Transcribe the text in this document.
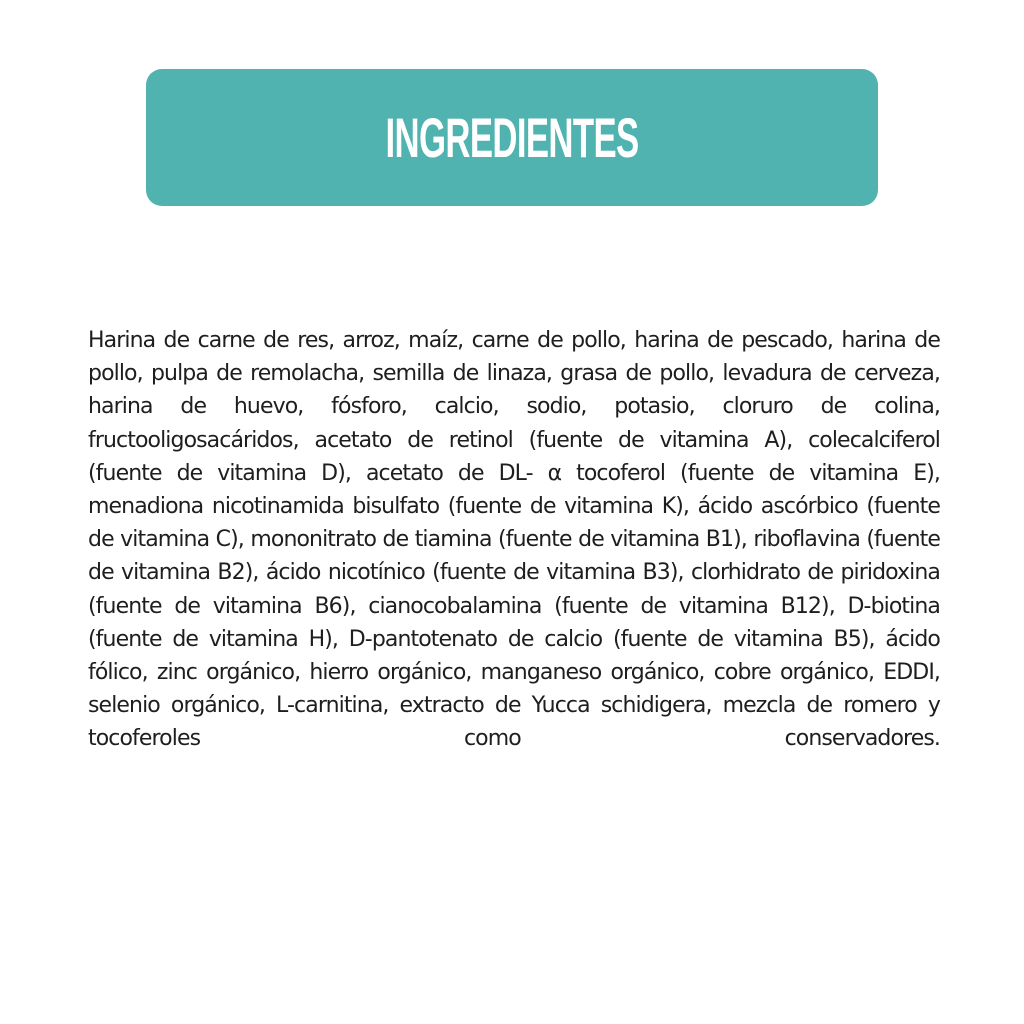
INGREDIENTES

Harina de carne de res, arroz, maíz, carne de pollo, harina de pescado, harina de pollo, pulpa de remolacha, semilla de linaza, grasa de pollo, levadura de cerveza, harina de huevo, fósforo, calcio, sodio, potasio, cloruro de colina, fructooligosacáridos, acetato de retinol (fuente de vitamina A), colecalciferol (fuente de vitamina D), acetato de DL- α tocoferol (fuente de vitamina E), menadiona nicotinamida bisulfato (fuente de vitamina K), ácido ascórbico (fuente de vitamina C), mononitrato de tiamina (fuente de vitamina B1), riboflavina (fuente de vitamina B2), ácido nicotínico (fuente de vitamina B3), clorhidrato de piridoxina (fuente de vitamina B6), cianocobalamina (fuente de vitamina B12), D-biotina (fuente de vitamina H), D-pantotenato de calcio (fuente de vitamina B5), ácido fólico, zinc orgánico, hierro orgánico, manganeso orgánico, cobre orgánico, EDDI, selenio orgánico, L-carnitina, extracto de Yucca schidigera, mezcla de romero y tocoferoles como conservadores.
